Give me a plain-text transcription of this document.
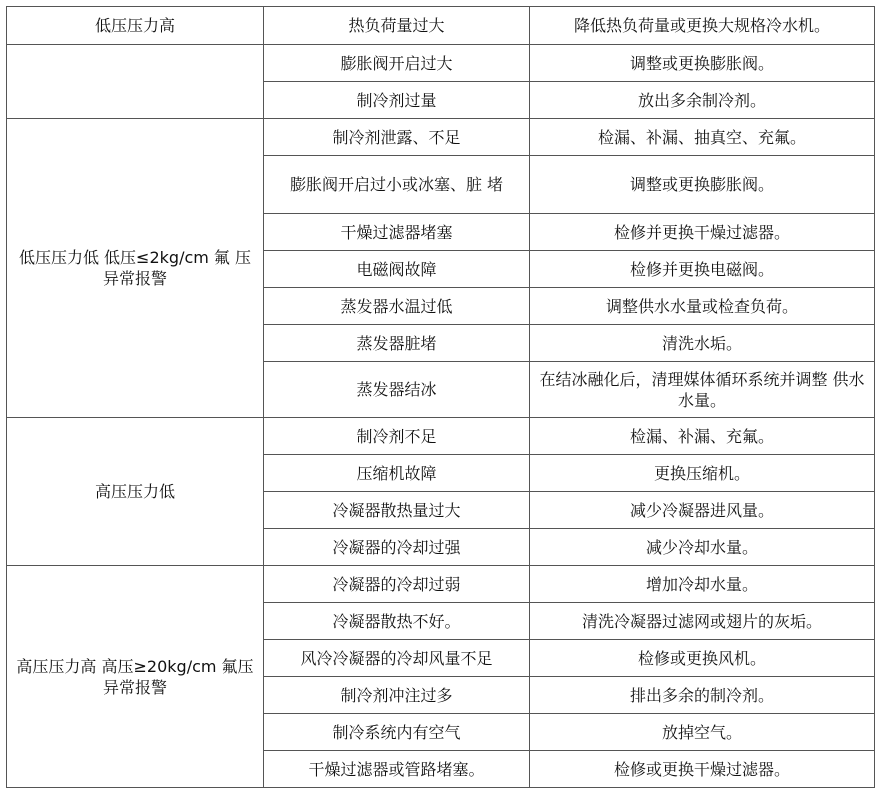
低压压力高	热负荷量过大	降低热负荷量或更换大规格冷水机。
	膨胀阀开启过大	调整或更换膨胀阀。
	制冷剂过量	放出多余制冷剂。
低压压力低 低压≤2kg/cm 氟 压异常报警	制冷剂泄露、不足	检漏、补漏、抽真空、充氟。
	膨胀阀开启过小或冰塞、脏 堵	调整或更换膨胀阀。
	干燥过滤器堵塞	检修并更换干燥过滤器。
	电磁阀故障	检修并更换电磁阀。
	蒸发器水温过低	调整供水水量或检查负荷。
	蒸发器脏堵	清洗水垢。
	蒸发器结冰	在结冰融化后，清理媒体循环系统并调整 供水水量。
高压压力低	制冷剂不足	检漏、补漏、充氟。
	压缩机故障	更换压缩机。
	冷凝器散热量过大	减少冷凝器进风量。
	冷凝器的冷却过强	减少冷却水量。
高压压力高 高压≥20kg/cm 氟压异常报警	冷凝器的冷却过弱	增加冷却水量。
	冷凝器散热不好。	清洗冷凝器过滤网或翅片的灰垢。
	风冷冷凝器的冷却风量不足	检修或更换风机。
	制冷剂冲注过多	排出多余的制冷剂。
	制冷系统内有空气	放掉空气。
	干燥过滤器或管路堵塞。	检修或更换干燥过滤器。
